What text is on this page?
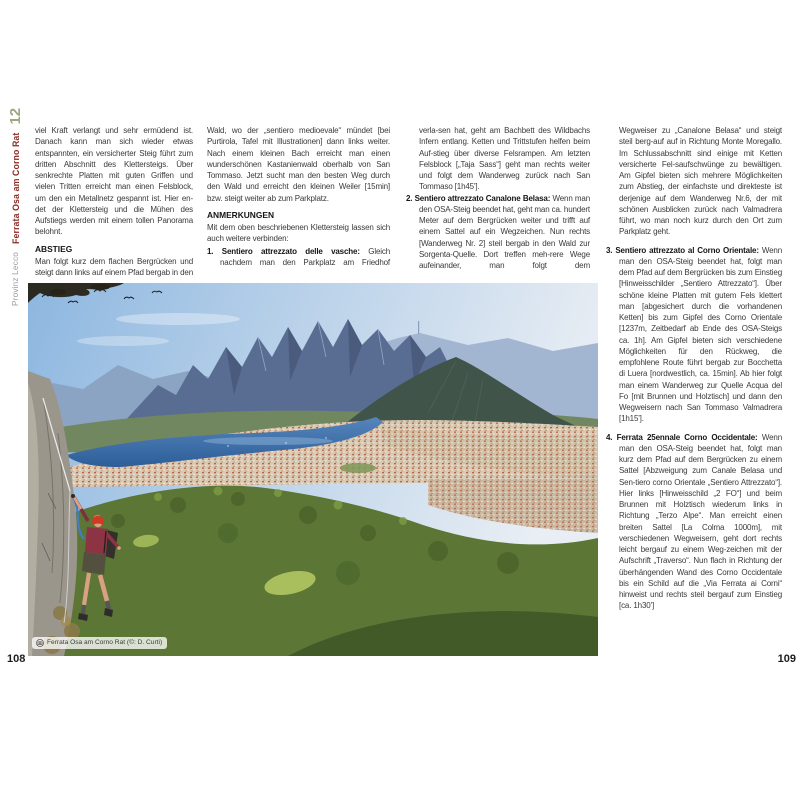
Provinz Lecco
Ferrata Osa am Corno Rat
12

viel Kraft verlangt und sehr ermüdend ist. Danach kann man sich wieder etwas entspannten, ein versicherter Steig führt zum dritten Abschnitt des Klettersteigs. Über senkrechte Platten mit guten Griffen und vielen Tritten erreicht man einen Felsblock, um den ein Metallnetz gespannt ist. Hier en-det der Klettersteig und die Mühen des Aufstiegs werden mit einem tollen Panorama belohnt.

ABSTIEG

Man folgt kurz dem flachen Bergrücken und steigt dann links auf einem Pfad bergab in den

Wald, wo der „sentiero medioevale“ mündet [bei Purtirola, Tafel mit Illustrationen] dann links weiter. Nach einem kleinen Bach erreicht man einen wunderschönen Kastanienwald oberhalb von San Tommaso. Jetzt sucht man den besten Weg durch den Wald und erreicht den kleinen Weiler [15min] bzw. steigt weiter ab zum Parkplatz.

ANMERKUNGEN

Mit dem oben beschriebenen Klettersteig lassen sich auch weitere verbinden:

1. Sentiero attrezzato delle vasche: Gleich nachdem man den Parkplatz am Friedhof

verla-sen hat, geht am Bachbett des Wildbachs Infern entlang. Ketten und Trittstufen helfen beim Auf-stieg über diverse Felsrampen. Am letzten Felsblock [„Taja Sass“] geht man rechts weiter und folgt dem Wanderweg zurück nach San Tommaso [1h45'].

2. Sentiero attrezzato Canalone Belasa: Wenn man den OSA-Steig beendet hat, geht man ca. hundert Meter auf dem Bergrücken weiter und trifft auf einem Sattel auf ein Wegzeichen. Nun rechts [Wanderweg Nr. 2] steil bergab in den Wald zur Sorgenta-Quelle. Dort treffen meh-rere Wege aufeinander, man folgt dem

Wegweiser zu „Canalone Belasa“ und steigt steil berg-auf auf in Richtung Monte Moregallo. Im Schlussabschnitt sind einige mit Ketten versicherte Fel-saufschwünge zu bewältigen. Am Gipfel bieten sich mehrere Möglichkeiten zum Abstieg, der einfachste und direkteste ist derjenige auf dem Wanderweg Nr.6, der mit schönen Ausblicken zurück nach Valmadrera führt, wo man noch kurz durch den Ort zum Parkplatz geht.

3. Sentiero attrezzato al Corno Orientale: Wenn man den OSA-Steig beendet hat, folgt man dem Pfad auf dem Bergrücken bis zum Einstieg [Hinweisschilder „Sentiero Attrezzato“]. Über schöne kleine Platten mit gutem Fels klettert man [abgesichert durch die vorhandenen Ketten] bis zum Gipfel des Corno Orientale [1237m, Zeitbedarf ab Ende des OSA-Steigs ca. 1h]. Am Gipfel bieten sich verschiedene Möglichkeiten für den Rückweg, die empfohlene Route führt bergab zur Bocchetta di Luera [nordwestlich, ca. 15min]. Ab hier folgt man einem Wanderweg zur Quelle Acqua del Fo [mit Brunnen und Holztisch] und dann den Wegweisern nach San Tommaso Valmadrera [1h15'].

4. Ferrata 25ennale Corno Occidentale: Wenn man den OSA-Steig beendet hat, folgt man kurz dem Pfad auf dem Bergrücken zu einem Sattel [Abzweigung zum Canale Belasa und Sen-tiero corno Orientale „Sentiero Attrezzato“]. Hier links [Hinweisschild „2 FO“] und beim Brunnen mit Holztisch wiederum links in Richtung „Terzo Alpe“. Man erreicht einen breiten Sattel [La Colma 1000m], mit verschiedenen Wegweisern, geht dort rechts leicht bergauf zu einem Weg-zeichen mit der Aufschrift „Traverso“. Nun flach in Richtung der überhängenden Wand des Corno Occidentale bis ein Schild auf die „Via Ferrata ai Corni“ hinweist und rechts steil bergauf zum Einstieg [ca. 1h30']

Ferrata Osa am Corno Rat (©: D. Curti)
108	109
